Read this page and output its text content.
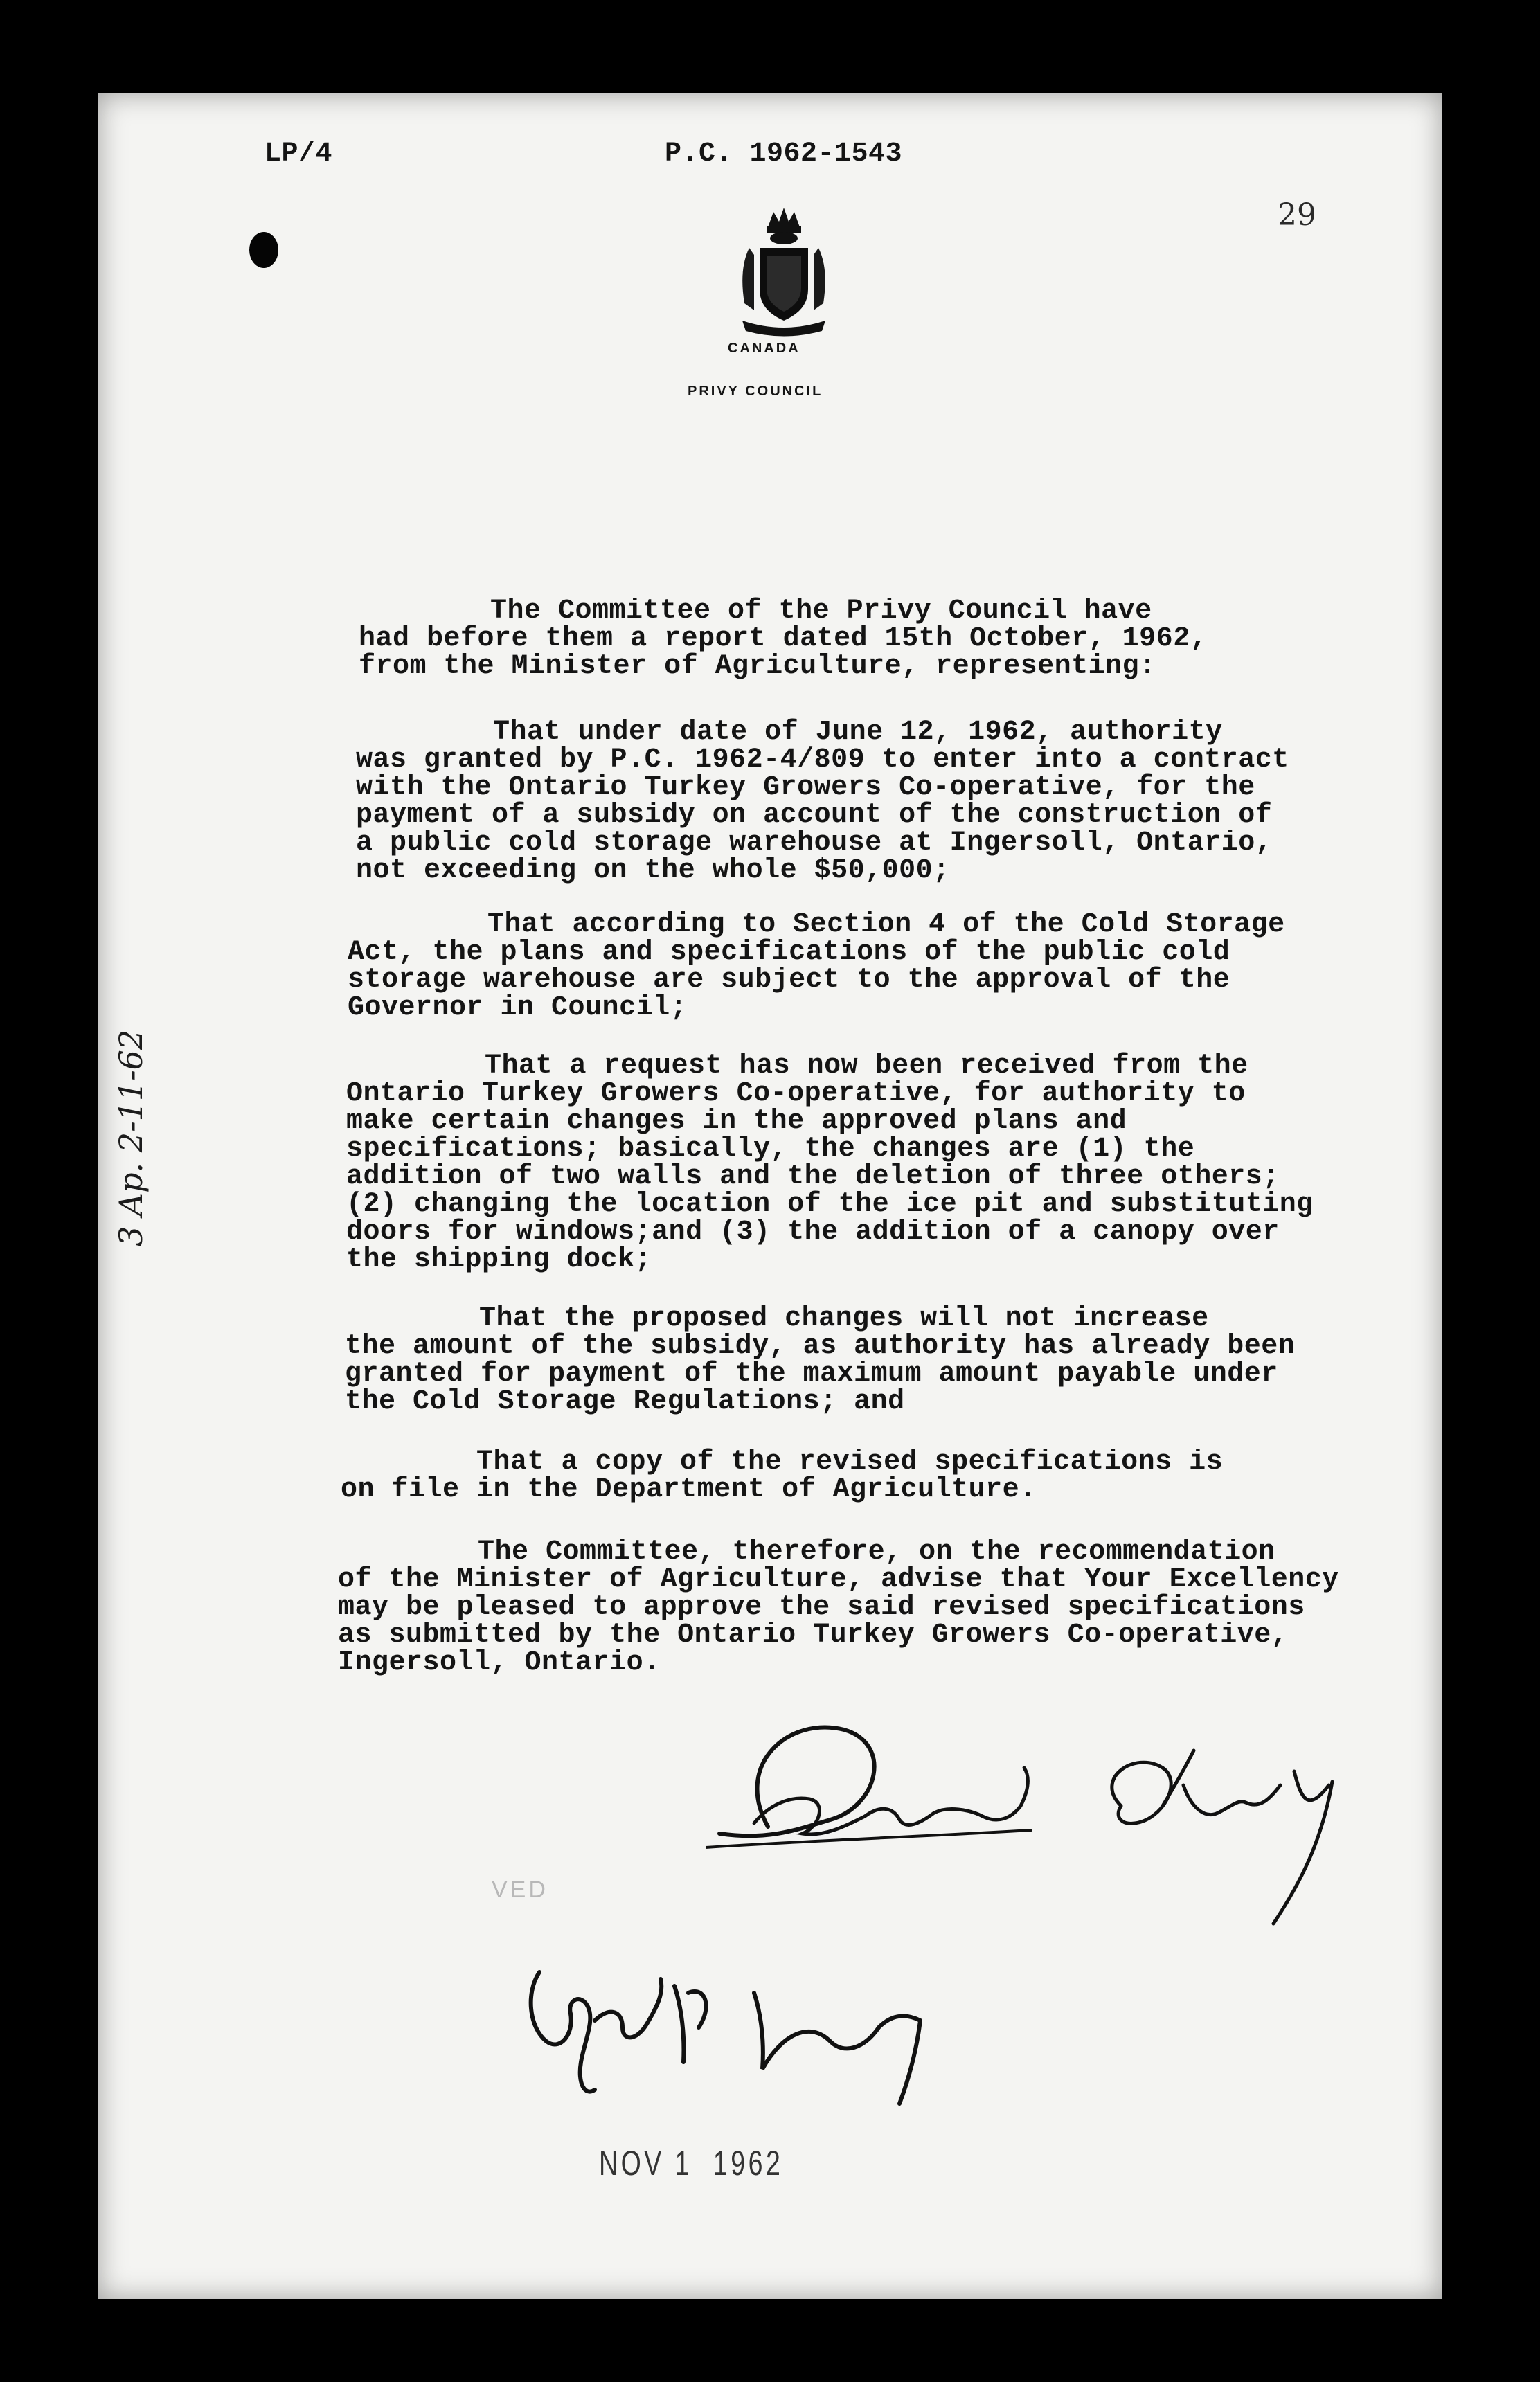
LP/4	P.C. 1962-1543
29

CANADA
PRIVY COUNCIL
3 Ap. 2-11-62
The Committee of the Privy Council have
had before them a report dated 15th October, 1962,
from the Minister of Agriculture, representing:
That under date of June 12, 1962, authority
was granted by P.C. 1962-4/809 to enter into a contract
with the Ontario Turkey Growers Co-operative, for the
payment of a subsidy on account of the construction of
a public cold storage warehouse at Ingersoll, Ontario,
not exceeding on the whole $50,000;
That according to Section 4 of the Cold Storage
Act, the plans and specifications of the public cold
storage warehouse are subject to the approval of the
Governor in Council;
That a request has now been received from the
Ontario Turkey Growers Co-operative, for authority to
make certain changes in the approved plans and
specifications; basically, the changes are (1) the
addition of two walls and the deletion of three others;
(2) changing the location of the ice pit and substituting
doors for windows;and (3) the addition of a canopy over
the shipping dock;
That the proposed changes will not increase
the amount of the subsidy, as authority has already been
granted for payment of the maximum amount payable under
the Cold Storage Regulations; and
That a copy of the revised specifications is
on file in the Department of Agriculture.
The Committee, therefore, on the recommendation
of the Minister of Agriculture, advise that Your Excellency
may be pleased to approve the said revised specifications
as submitted by the Ontario Turkey Growers Co-operative,
Ingersoll, Ontario.

VED

NOV 1  1962
